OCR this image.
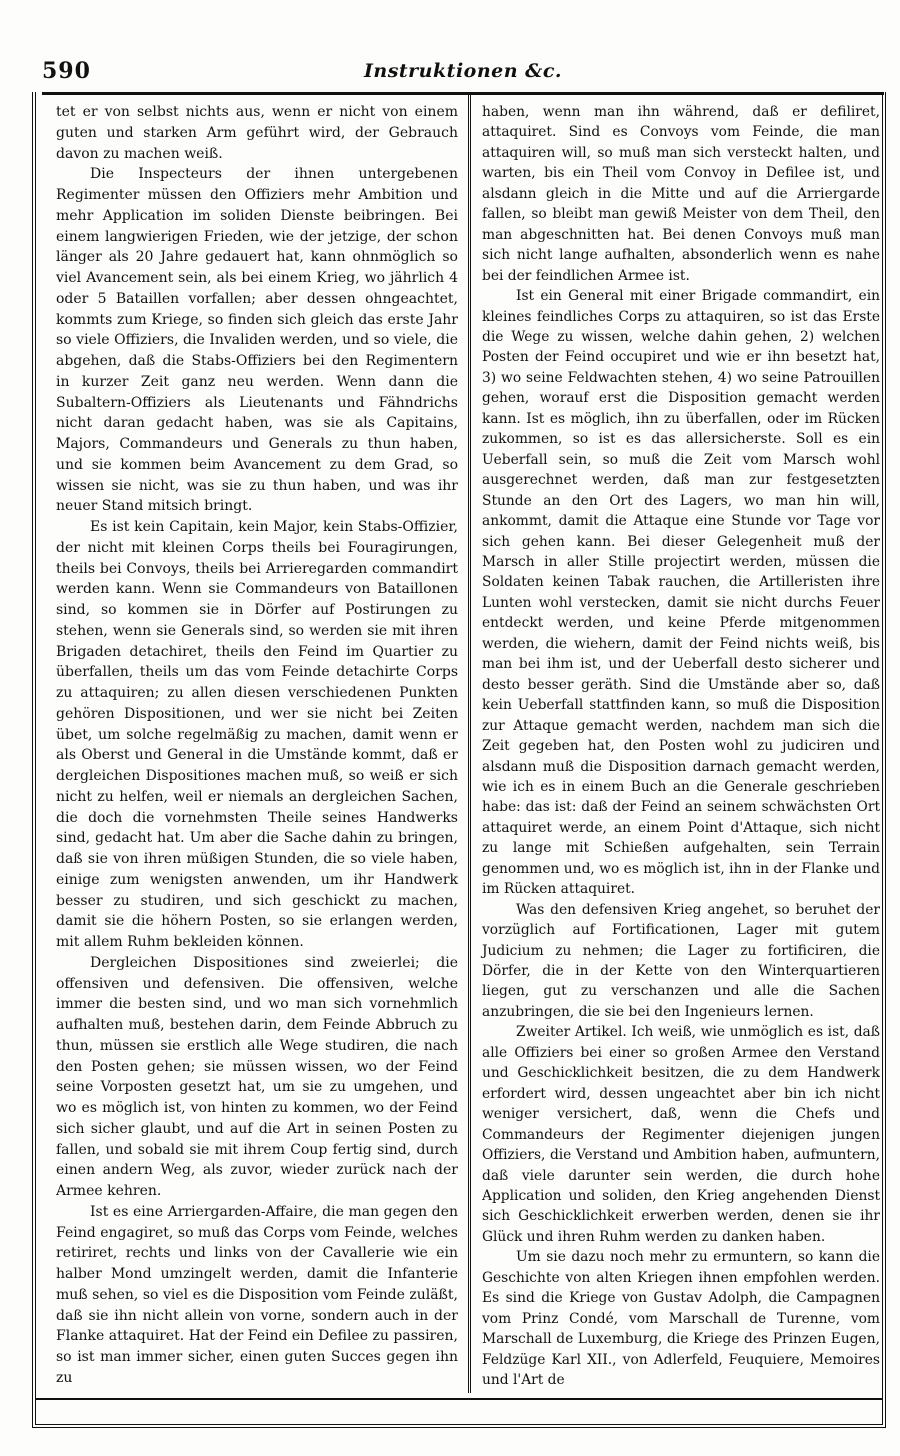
590	Instruktionen &c.

tet er von selbst nichts aus, wenn er nicht von einem guten und starken Arm geführt wird, der Gebrauch davon zu machen weiß.

Die Inspecteurs der ihnen untergebenen Regimenter müssen den Offiziers mehr Ambition und mehr Application im soliden Dienste beibringen. Bei einem langwierigen Frieden, wie der jetzige, der schon länger als 20 Jahre gedauert hat, kann ohnmöglich so viel Avancement sein, als bei einem Krieg, wo jährlich 4 oder 5 Bataillen vorfallen; aber dessen ohngeachtet, kommts zum Kriege, so finden sich gleich das erste Jahr so viele Offiziers, die Invaliden werden, und so viele, die abgehen, daß die Stabs-Offiziers bei den Regimentern in kurzer Zeit ganz neu werden. Wenn dann die Subaltern-Offiziers als Lieutenants und Fähndrichs nicht daran gedacht haben, was sie als Capitains, Majors, Commandeurs und Generals zu thun haben, und sie kommen beim Avancement zu dem Grad, so wissen sie nicht, was sie zu thun haben, und was ihr neuer Stand mitsich bringt.

Es ist kein Capitain, kein Major, kein Stabs-Offizier, der nicht mit kleinen Corps theils bei Fouragirungen, theils bei Convoys, theils bei Arrieregarden commandirt werden kann. Wenn sie Commandeurs von Bataillonen sind, so kommen sie in Dörfer auf Postirungen zu stehen, wenn sie Generals sind, so werden sie mit ihren Brigaden detachiret, theils den Feind im Quartier zu überfallen, theils um das vom Feinde detachirte Corps zu attaquiren; zu allen diesen verschiedenen Punkten gehören Dispositionen, und wer sie nicht bei Zeiten übet, um solche regelmäßig zu machen, damit wenn er als Oberst und General in die Umstände kommt, daß er dergleichen Dispositiones machen muß, so weiß er sich nicht zu helfen, weil er niemals an dergleichen Sachen, die doch die vornehmsten Theile seines Handwerks sind, gedacht hat. Um aber die Sache dahin zu bringen, daß sie von ihren müßigen Stunden, die so viele haben, einige zum wenigsten anwenden, um ihr Handwerk besser zu studiren, und sich geschickt zu machen, damit sie die höhern Posten, so sie erlangen werden, mit allem Ruhm bekleiden können.

Dergleichen Dispositiones sind zweierlei; die offensiven und defensiven. Die offensiven, welche immer die besten sind, und wo man sich vornehmlich aufhalten muß, bestehen darin, dem Feinde Abbruch zu thun, müssen sie erstlich alle Wege studiren, die nach den Posten gehen; sie müssen wissen, wo der Feind seine Vorposten gesetzt hat, um sie zu umgehen, und wo es möglich ist, von hinten zu kommen, wo der Feind sich sicher glaubt, und auf die Art in seinen Posten zu fallen, und sobald sie mit ihrem Coup fertig sind, durch einen andern Weg, als zuvor, wieder zurück nach der Armee kehren.

Ist es eine Arriergarden-Affaire, die man gegen den Feind engagiret, so muß das Corps vom Feinde, welches retiriret, rechts und links von der Cavallerie wie ein halber Mond umzingelt werden, damit die Infanterie muß sehen, so viel es die Disposition vom Feinde zuläßt, daß sie ihn nicht allein von vorne, sondern auch in der Flanke attaquiret. Hat der Feind ein Defilee zu passiren, so ist man immer sicher, einen guten Succes gegen ihn zu

haben, wenn man ihn während, daß er defiliret, attaquiret. Sind es Convoys vom Feinde, die man attaquiren will, so muß man sich versteckt halten, und warten, bis ein Theil vom Convoy in Defilee ist, und alsdann gleich in die Mitte und auf die Arriergarde fallen, so bleibt man gewiß Meister von dem Theil, den man abgeschnitten hat. Bei denen Convoys muß man sich nicht lange aufhalten, absonderlich wenn es nahe bei der feindlichen Armee ist.

Ist ein General mit einer Brigade commandirt, ein kleines feindliches Corps zu attaquiren, so ist das Erste die Wege zu wissen, welche dahin gehen, 2) welchen Posten der Feind occupiret und wie er ihn besetzt hat, 3) wo seine Feldwachten stehen, 4) wo seine Patrouillen gehen, worauf erst die Disposition gemacht werden kann. Ist es möglich, ihn zu überfallen, oder im Rücken zukommen, so ist es das allersicherste. Soll es ein Ueberfall sein, so muß die Zeit vom Marsch wohl ausgerechnet werden, daß man zur festgesetzten Stunde an den Ort des Lagers, wo man hin will, ankommt, damit die Attaque eine Stunde vor Tage vor sich gehen kann. Bei dieser Gelegenheit muß der Marsch in aller Stille projectirt werden, müssen die Soldaten keinen Tabak rauchen, die Artilleristen ihre Lunten wohl verstecken, damit sie nicht durchs Feuer entdeckt werden, und keine Pferde mitgenommen werden, die wiehern, damit der Feind nichts weiß, bis man bei ihm ist, und der Ueberfall desto sicherer und desto besser geräth. Sind die Umstände aber so, daß kein Ueberfall stattfinden kann, so muß die Disposition zur Attaque gemacht werden, nachdem man sich die Zeit gegeben hat, den Posten wohl zu judiciren und alsdann muß die Disposition darnach gemacht werden, wie ich es in einem Buch an die Generale geschrieben habe: das ist: daß der Feind an seinem schwächsten Ort attaquiret werde, an einem Point d'Attaque, sich nicht zu lange mit Schießen aufgehalten, sein Terrain genommen und, wo es möglich ist, ihn in der Flanke und im Rücken attaquiret.

Was den defensiven Krieg angehet, so beruhet der vorzüglich auf Fortificationen, Lager mit gutem Judicium zu nehmen; die Lager zu fortificiren, die Dörfer, die in der Kette von den Winterquartieren liegen, gut zu verschanzen und alle die Sachen anzubringen, die sie bei den Ingenieurs lernen.

Zweiter Artikel. Ich weiß, wie unmöglich es ist, daß alle Offiziers bei einer so großen Armee den Verstand und Geschicklichkeit besitzen, die zu dem Handwerk erfordert wird, dessen ungeachtet aber bin ich nicht weniger versichert, daß, wenn die Chefs und Commandeurs der Regimenter diejenigen jungen Offiziers, die Verstand und Ambition haben, aufmuntern, daß viele darunter sein werden, die durch hohe Application und soliden, den Krieg angehenden Dienst sich Geschicklichkeit erwerben werden, denen sie ihr Glück und ihren Ruhm werden zu danken haben.

Um sie dazu noch mehr zu ermuntern, so kann die Geschichte von alten Kriegen ihnen empfohlen werden. Es sind die Kriege von Gustav Adolph, die Campagnen vom Prinz Condé, vom Marschall de Turenne, vom Marschall de Luxemburg, die Kriege des Prinzen Eugen, Feldzüge Karl XII., von Adlerfeld, Feuquiere, Memoires und l'Art de
